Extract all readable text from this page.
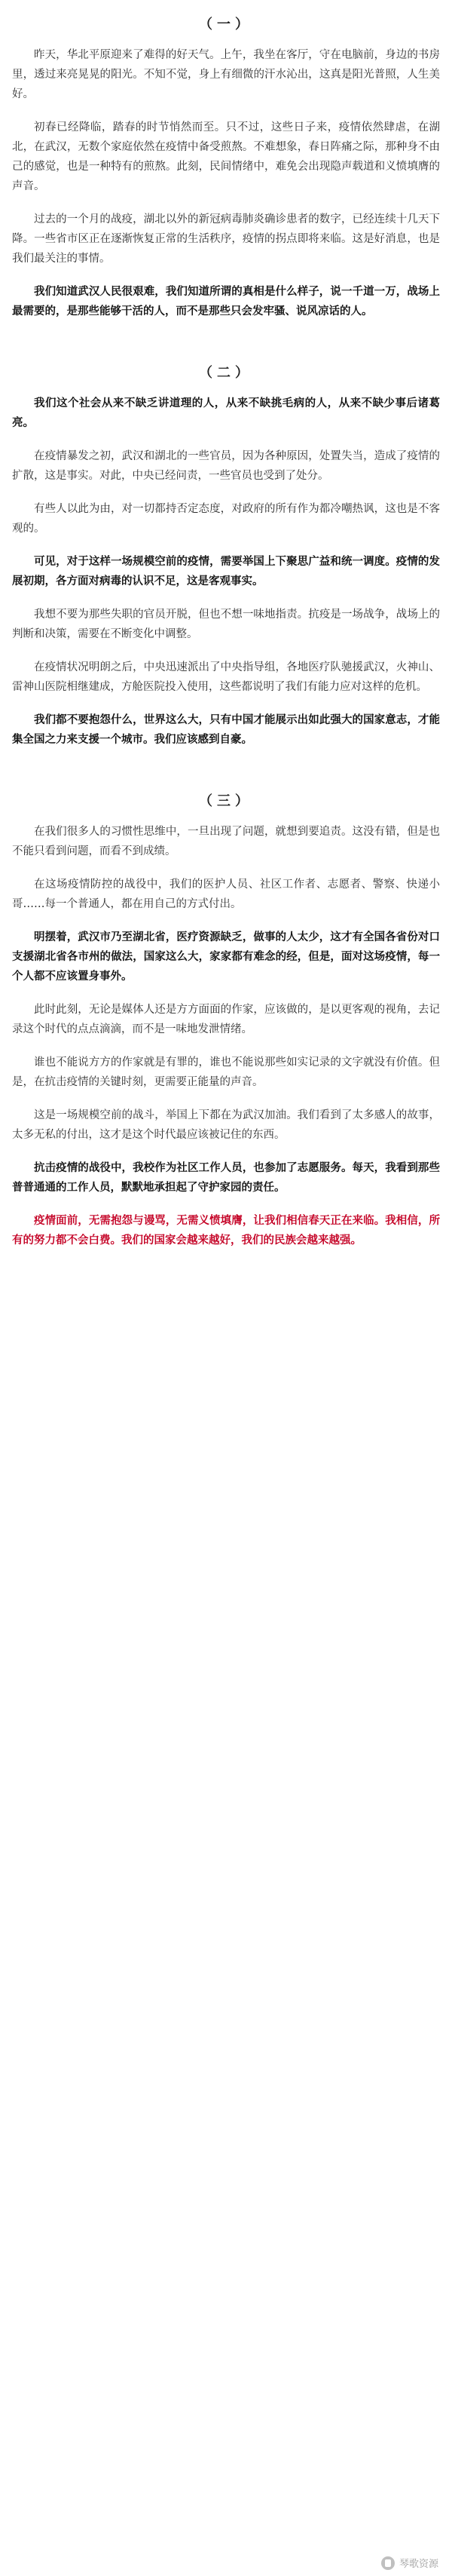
（一）

昨天，华北平原迎来了难得的好天气。上午，我坐在客厅，守在电脑前，身边的书房里，透过来亮晃晃的阳光。不知不觉，身上有细微的汗水沁出，这真是阳光普照，人生美好。

初春已经降临，踏春的时节悄然而至。只不过，这些日子来，疫情依然肆虐，在湖北，在武汉，无数个家庭依然在疫情中备受煎熬。不难想象，春日阵痛之际，那种身不由己的感觉，也是一种特有的煎熬。此刻，民间情绪中，难免会出现隐声载道和义愤填膺的声音。

过去的一个月的战疫，湖北以外的新冠病毒肺炎确诊患者的数字，已经连续十几天下降。一些省市区正在逐渐恢复正常的生活秩序，疫情的拐点即将来临。这是好消息，也是我们最关注的事情。

我们知道武汉人民很艰难，我们知道所谓的真相是什么样子，说一千道一万，战场上最需要的，是那些能够干活的人，而不是那些只会发牢骚、说风凉话的人。

（二）

我们这个社会从来不缺乏讲道理的人，从来不缺挑毛病的人，从来不缺少事后诸葛亮。

在疫情暴发之初，武汉和湖北的一些官员，因为各种原因，处置失当，造成了疫情的扩散，这是事实。对此，中央已经问责，一些官员也受到了处分。

有些人以此为由，对一切都持否定态度，对政府的所有作为都冷嘲热讽，这也是不客观的。

可见，对于这样一场规模空前的疫情，需要举国上下聚思广益和统一调度。疫情的发展初期，各方面对病毒的认识不足，这是客观事实。

我想不要为那些失职的官员开脱，但也不想一味地指责。抗疫是一场战争，战场上的判断和决策，需要在不断变化中调整。

在疫情状况明朗之后，中央迅速派出了中央指导组，各地医疗队驰援武汉，火神山、雷神山医院相继建成，方舱医院投入使用，这些都说明了我们有能力应对这样的危机。

我们都不要抱怨什么，世界这么大，只有中国才能展示出如此强大的国家意志，才能集全国之力来支援一个城市。我们应该感到自豪。

（三）

在我们很多人的习惯性思维中，一旦出现了问题，就想到要追责。这没有错，但是也不能只看到问题，而看不到成绩。

在这场疫情防控的战役中，我们的医护人员、社区工作者、志愿者、警察、快递小哥……每一个普通人，都在用自己的方式付出。

明摆着，武汉市乃至湖北省，医疗资源缺乏，做事的人太少，这才有全国各省份对口支援湖北省各市州的做法，国家这么大，家家都有难念的经，但是，面对这场疫情，每一个人都不应该置身事外。

此时此刻，无论是媒体人还是方方面面的作家，应该做的，是以更客观的视角，去记录这个时代的点点滴滴，而不是一味地发泄情绪。

谁也不能说方方的作家就是有罪的，谁也不能说那些如实记录的文字就没有价值。但是，在抗击疫情的关键时刻，更需要正能量的声音。

这是一场规模空前的战斗，举国上下都在为武汉加油。我们看到了太多感人的故事，太多无私的付出，这才是这个时代最应该被记住的东西。

抗击疫情的战役中，我校作为社区工作人员，也参加了志愿服务。每天，我看到那些普普通通的工作人员，默默地承担起了守护家园的责任。

疫情面前，无需抱怨与谩骂，无需义愤填膺，让我们相信春天正在来临。我相信，所有的努力都不会白费。我们的国家会越来越好，我们的民族会越来越强。

琴歌资源
